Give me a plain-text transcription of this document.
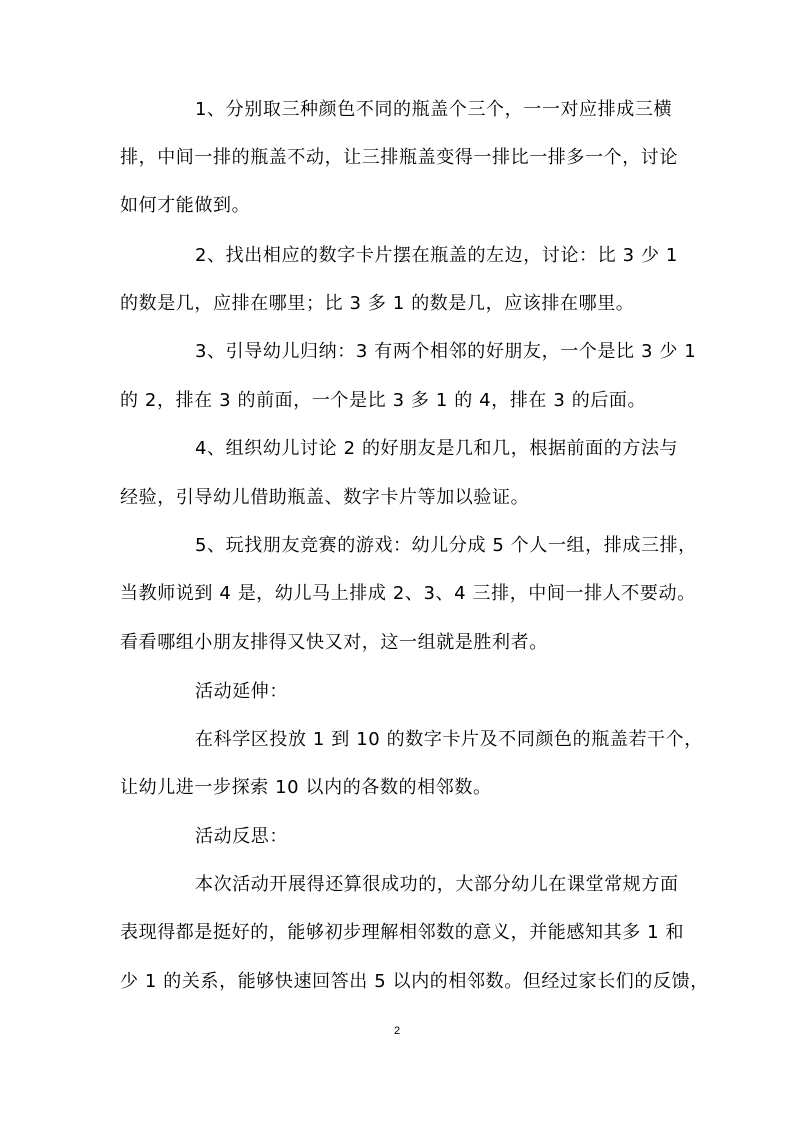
1、分别取三种颜色不同的瓶盖个三个，一一对应排成三横
排，中间一排的瓶盖不动，让三排瓶盖变得一排比一排多一个，讨论
如何才能做到。
2、找出相应的数字卡片摆在瓶盖的左边，讨论：比 3 少 1
的数是几，应排在哪里；比 3 多 1 的数是几，应该排在哪里。
3、引导幼儿归纳：3 有两个相邻的好朋友，一个是比 3 少 1
的 2，排在 3 的前面，一个是比 3 多 1 的 4，排在 3 的后面。
4、组织幼儿讨论 2 的好朋友是几和几，根据前面的方法与
经验，引导幼儿借助瓶盖、数字卡片等加以验证。
5、玩找朋友竞赛的游戏：幼儿分成 5 个人一组，排成三排，
当教师说到 4 是，幼儿马上排成 2、3、4 三排，中间一排人不要动。
看看哪组小朋友排得又快又对，这一组就是胜利者。
活动延伸：
在科学区投放 1 到 10 的数字卡片及不同颜色的瓶盖若干个，
让幼儿进一步探索 10 以内的各数的相邻数。
活动反思：
本次活动开展得还算很成功的，大部分幼儿在课堂常规方面
表现得都是挺好的，能够初步理解相邻数的意义，并能感知其多 1 和
少 1 的关系，能够快速回答出 5 以内的相邻数。但经过家长们的反馈，
2
